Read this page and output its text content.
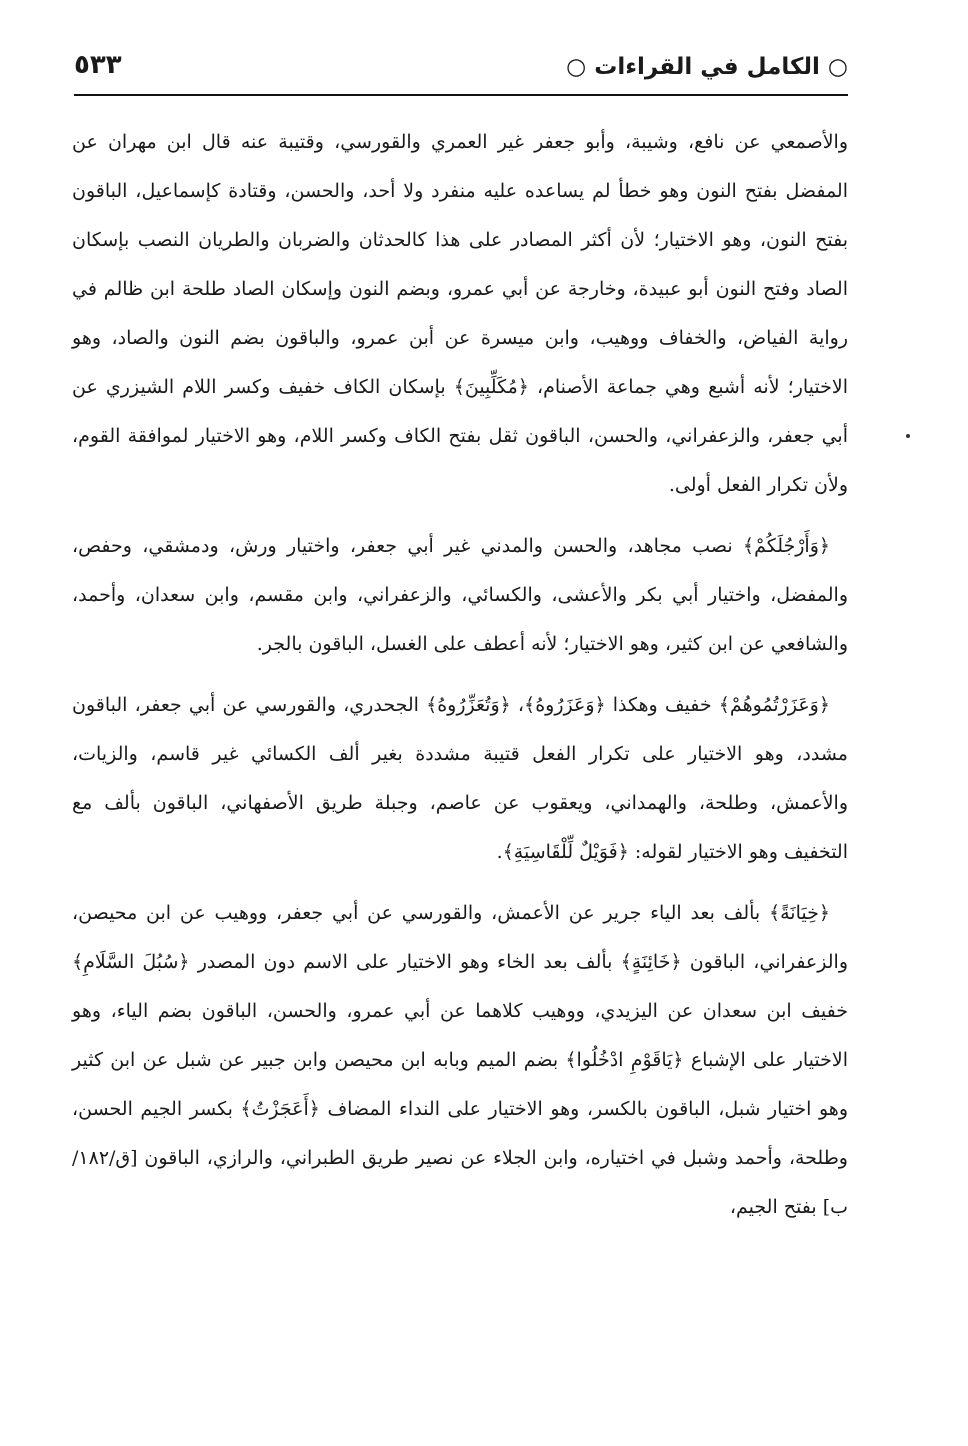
○ الكامل في القراءات ○
٥٣٣

والأصمعي عن نافع، وشيبة، وأبو جعفر غير العمري والقورسي، وقتيبة عنه قال ابن مهران عن المفضل بفتح النون وهو خطأ لم يساعده عليه منفرد ولا أحد، والحسن، وقتادة كإسماعيل، الباقون بفتح النون، وهو الاختيار؛ لأن أكثر المصادر على هذا كالحدثان والضربان والطريان النصب بإسكان الصاد وفتح النون أبو عبيدة، وخارجة عن أبي عمرو، وبضم النون وإسكان الصاد طلحة ابن ظالم في رواية الفياض، والخفاف ووهيب، وابن ميسرة عن أبن عمرو، والباقون بضم النون والصاد، وهو الاختيار؛ لأنه أشبع وهي جماعة الأصنام، ﴿مُكَلِّبِينَ﴾ بإسكان الكاف خفيف وكسر اللام الشيزري عن أبي جعفر، والزعفراني، والحسن، الباقون ثقل بفتح الكاف وكسر اللام، وهو الاختيار لموافقة القوم، ولأن تكرار الفعل أولى.

﴿وَأَرْجُلَكُمْ﴾ نصب مجاهد، والحسن والمدني غير أبي جعفر، واختيار ورش، ودمشقي، وحفص، والمفضل، واختيار أبي بكر والأعشى، والكسائي، والزعفراني، وابن مقسم، وابن سعدان، وأحمد، والشافعي عن ابن كثير، وهو الاختيار؛ لأنه أعطف على الغسل، الباقون بالجر.

﴿وَعَزَرْتُمُوهُمْ﴾ خفيف وهكذا ﴿وَعَزَرُوهُ﴾، ﴿وَتُعَزِّرُوهُ﴾ الجحدري، والقورسي عن أبي جعفر، الباقون مشدد، وهو الاختيار على تكرار الفعل قتيبة مشددة بغير ألف الكسائي غير قاسم، والزيات، والأعمش، وطلحة، والهمداني، ويعقوب عن عاصم، وجبلة طريق الأصفهاني، الباقون بألف مع التخفيف وهو الاختيار لقوله: ﴿فَوَيْلٌ لِّلْقَاسِيَةِ﴾.

﴿خِيَانَةً﴾ بألف بعد الياء جرير عن الأعمش، والقورسي عن أبي جعفر، ووهيب عن ابن محيصن، والزعفراني، الباقون ﴿خَائِنَةٍ﴾ بألف بعد الخاء وهو الاختيار على الاسم دون المصدر ﴿سُبُلَ السَّلَامِ﴾ خفيف ابن سعدان عن اليزيدي، ووهيب كلاهما عن أبي عمرو، والحسن، الباقون بضم الياء، وهو الاختيار على الإشباع ﴿يَاقَوْمِ ادْخُلُوا﴾ بضم الميم وبابه ابن محيصن وابن جبير عن شبل عن ابن كثير وهو اختيار شبل، الباقون بالكسر، وهو الاختيار على النداء المضاف ﴿أَعَجَزْتُ﴾ بكسر الجيم الحسن، وطلحة، وأحمد وشبل في اختياره، وابن الجلاء عن نصير طريق الطبراني، والرازي، الباقون [ق/١٨٢/ب] بفتح الجيم،
